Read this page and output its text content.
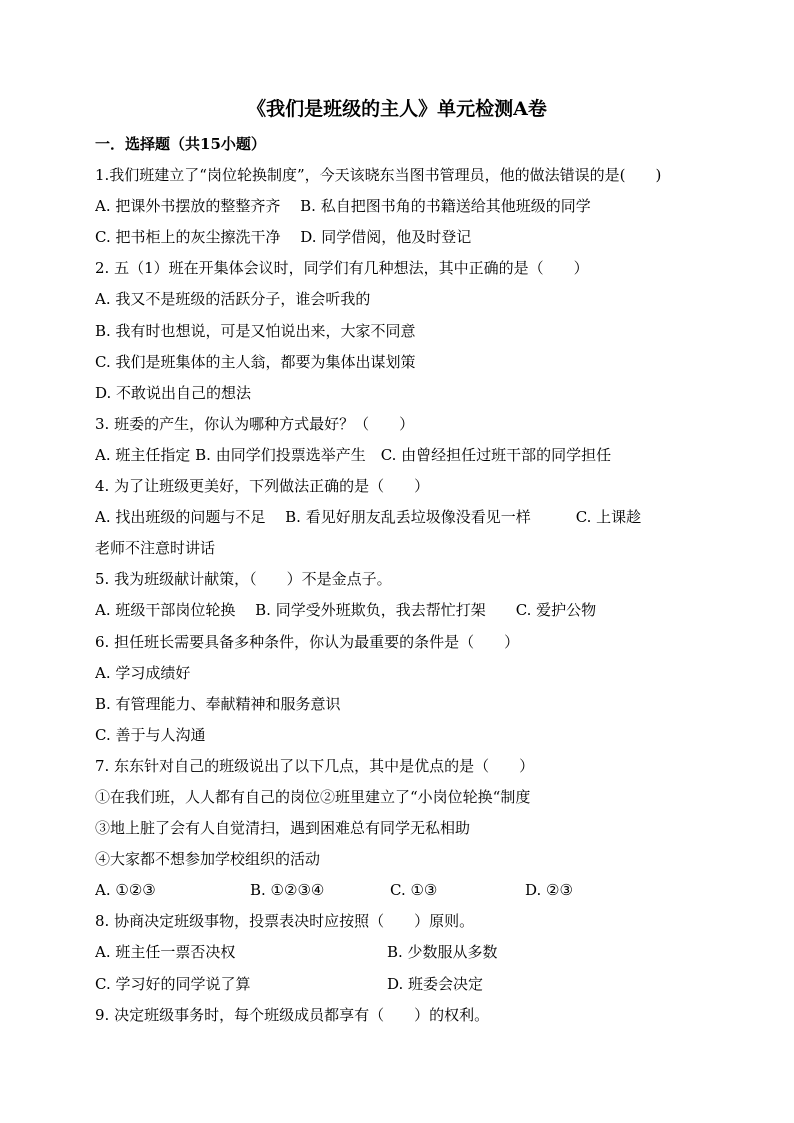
《我们是班级的主人》单元检测A卷
一．选择题（共15小题）
1.我们班建立了“岗位轮换制度”，今天该晓东当图书管理员，他的做法错误的是(　　)
A. 把课外书摆放的整整齐齐　 B. 私自把图书角的书籍送给其他班级的同学
C. 把书柜上的灰尘擦洗干净　 D. 同学借阅，他及时登记
2. 五（1）班在开集体会议时，同学们有几种想法，其中正确的是（　　）
A. 我又不是班级的活跃分子，谁会听我的
B. 我有时也想说，可是又怕说出来，大家不同意
C. 我们是班集体的主人翁，都要为集体出谋划策
D. 不敢说出自己的想法
3. 班委的产生，你认为哪种方式最好？（　　）
A. 班主任指定 B. 由同学们投票选举产生　C. 由曾经担任过班干部的同学担任
4. 为了让班级更美好，下列做法正确的是（　　）
A. 找出班级的问题与不足　 B. 看见好朋友乱丢垃圾像没看见一样　　　C. 上课趁
老师不注意时讲话
5. 我为班级献计献策，（　　）不是金点子。
A. 班级干部岗位轮换　 B. 同学受外班欺负，我去帮忙打架　　C. 爱护公物
6. 担任班长需要具备多种条件，你认为最重要的条件是（　　）
A. 学习成绩好
B. 有管理能力、奉献精神和服务意识
C. 善于与人沟通
7. 东东针对自己的班级说出了以下几点，其中是优点的是（　　）
①在我们班，人人都有自己的岗位②班里建立了“小岗位轮换“制度
③地上脏了会有人自觉清扫，遇到困难总有同学无私相助
④大家都不想参加学校组织的活动
A. ①②③	B. ①②③④	C. ①③	D. ②③
8. 协商决定班级事物，投票表决时应按照（　　）原则。
A. 班主任一票否决权	B. 少数服从多数
C. 学习好的同学说了算	D. 班委会决定
9. 决定班级事务时，每个班级成员都享有（　　）的权利。
